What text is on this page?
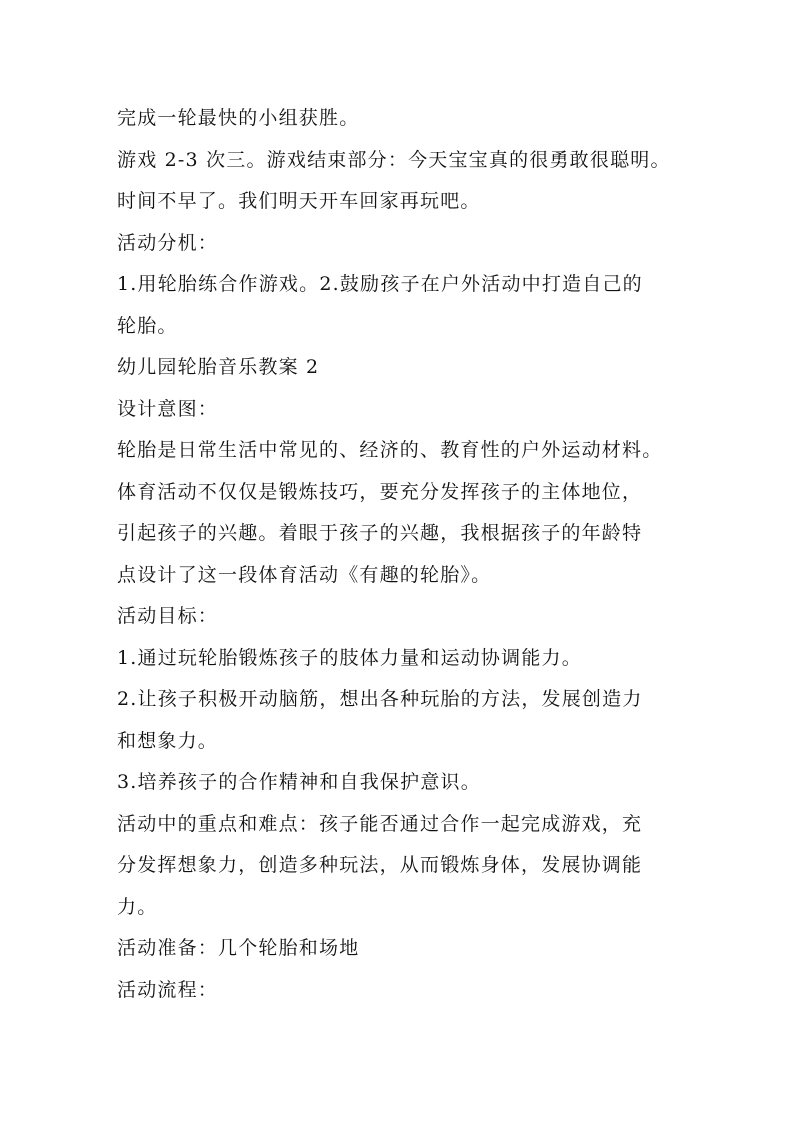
完成一轮最快的小组获胜。
游戏 2-3 次三。游戏结束部分：今天宝宝真的很勇敢很聪明。
时间不早了。我们明天开车回家再玩吧。
活动分机：
1.用轮胎练合作游戏。2.鼓励孩子在户外活动中打造自己的
轮胎。
幼儿园轮胎音乐教案 2
设计意图：
轮胎是日常生活中常见的、经济的、教育性的户外运动材料。
体育活动不仅仅是锻炼技巧，要充分发挥孩子的主体地位，
引起孩子的兴趣。着眼于孩子的兴趣，我根据孩子的年龄特
点设计了这一段体育活动《有趣的轮胎》。
活动目标：
1.通过玩轮胎锻炼孩子的肢体力量和运动协调能力。
2.让孩子积极开动脑筋，想出各种玩胎的方法，发展创造力
和想象力。
3.培养孩子的合作精神和自我保护意识。
活动中的重点和难点：孩子能否通过合作一起完成游戏，充
分发挥想象力，创造多种玩法，从而锻炼身体，发展协调能
力。
活动准备：几个轮胎和场地
活动流程：
